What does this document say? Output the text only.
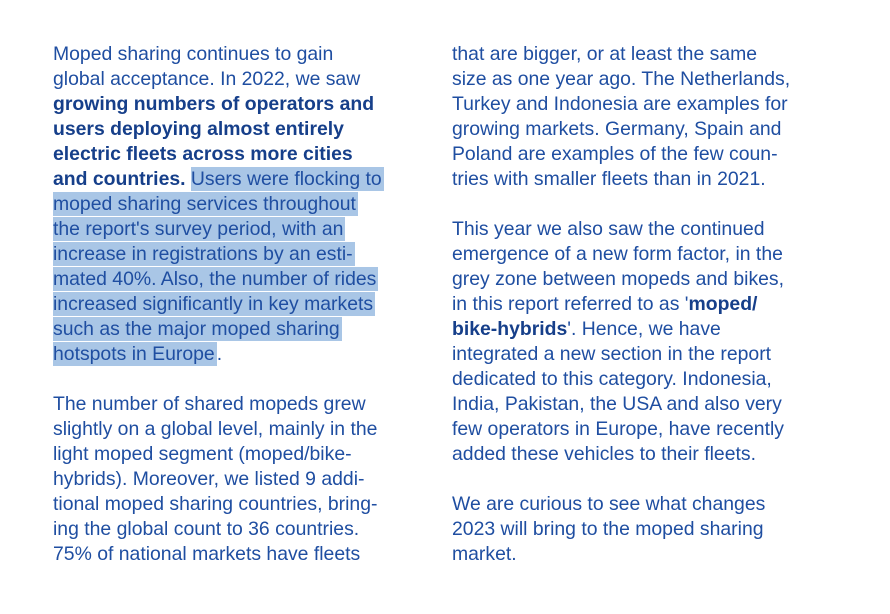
Moped sharing continues to gain
global acceptance. In 2022, we saw
growing numbers of operators and
users deploying almost entirely
electric fleets across more cities
and countries. Users were flocking to
moped sharing services throughout
the report's survey period, with an
increase in registrations by an esti-
mated 40%. Also, the number of rides
increased significantly in key markets
such as the major moped sharing
hotspots in Europe .
The number of shared mopeds grew
slightly on a global level, mainly in the
light moped segment (moped/bike-
hybrids). Moreover, we listed 9 addi-
tional moped sharing countries, bring-
ing the global count to 36 countries.
75% of national markets have fleets
that are bigger, or at least the same
size as one year ago. The Netherlands,
Turkey and Indonesia are examples for
growing markets. Germany, Spain and
Poland are examples of the few coun-
tries with smaller fleets than in 2021.
This year we also saw the continued
emergence of a new form factor, in the
grey zone between mopeds and bikes,
in this report referred to as 'moped/
bike-hybrids'. Hence, we have
integrated a new section in the report
dedicated to this category. Indonesia,
India, Pakistan, the USA and also very
few operators in Europe, have recently
added these vehicles to their fleets.
We are curious to see what changes
2023 will bring to the moped sharing
market.
